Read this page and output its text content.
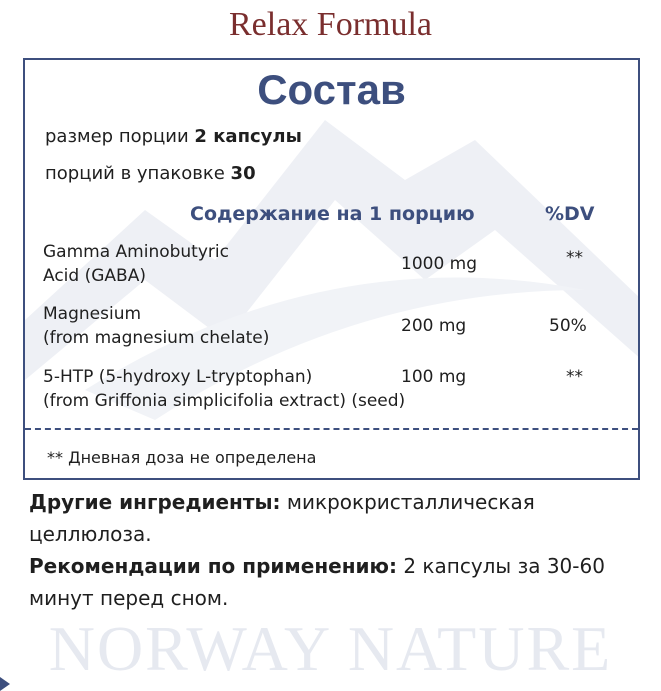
Relax Formula
Состав
размер порции 2 капсулы
порций в упаковке 30
Содержание на 1 порцию	%DV
Gamma Aminobutyric
Acid (GABA)
1000 mg	**
Magnesium
(from magnesium chelate)
200 mg	50%
5-HTP (5-hydroxy L-tryptophan)
(from Griffonia simplicifolia extract) (seed)
100 mg	**
** Дневная доза не определена
Другие ингредиенты: микрокристаллическая целлюлоза.
Рекомендации по применению: 2 капсулы за 30-60 минут перед сном.
NORWAY NATURE
